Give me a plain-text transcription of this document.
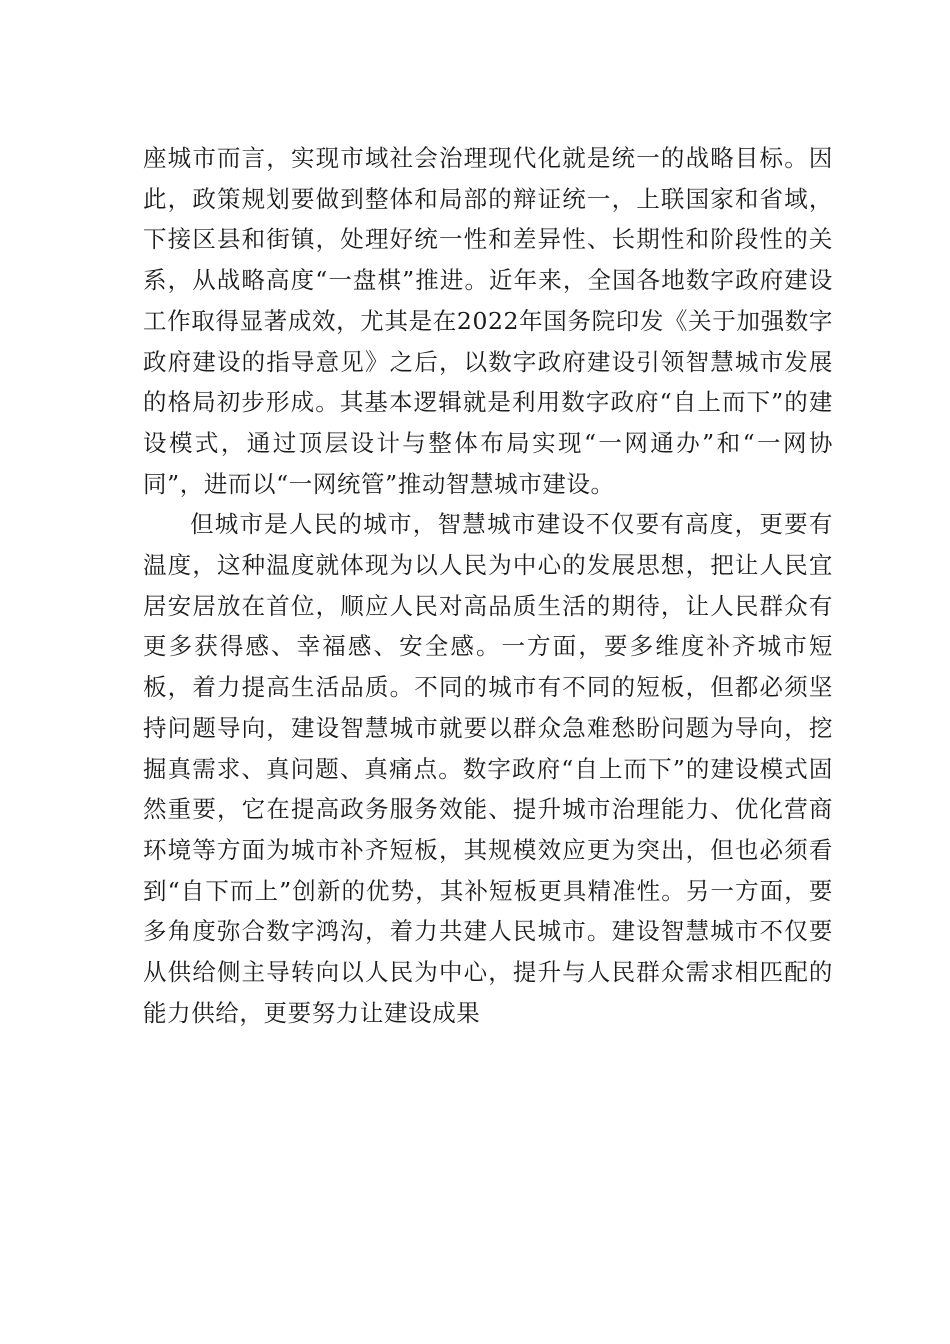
座城市而言，实现市域社会治理现代化就是统一的战略目标。因此，政策规划要做到整体和局部的辩证统一，上联国家和省域，下接区县和街镇，处理好统一性和差异性、长期性和阶段性的关系，从战略高度“一盘棋”推进。近年来，全国各地数字政府建设工作取得显著成效，尤其是在2022年国务院印发《关于加强数字政府建设的指导意见》之后，以数字政府建设引领智慧城市发展的格局初步形成。其基本逻辑就是利用数字政府“自上而下”的建设模式，通过顶层设计与整体布局实现“一网通办”和“一网协同”，进而以“一网统管”推动智慧城市建设。

但城市是人民的城市，智慧城市建设不仅要有高度，更要有温度，这种温度就体现为以人民为中心的发展思想，把让人民宜居安居放在首位，顺应人民对高品质生活的期待，让人民群众有更多获得感、幸福感、安全感。一方面，要多维度补齐城市短板，着力提高生活品质。不同的城市有不同的短板，但都必须坚持问题导向，建设智慧城市就要以群众急难愁盼问题为导向，挖掘真需求、真问题、真痛点。数字政府“自上而下”的建设模式固然重要，它在提高政务服务效能、提升城市治理能力、优化营商环境等方面为城市补齐短板，其规模效应更为突出，但也必须看到“自下而上”创新的优势，其补短板更具精准性。另一方面，要多角度弥合数字鸿沟，着力共建人民城市。建设智慧城市不仅要从供给侧主导转向以人民为中心，提升与人民群众需求相匹配的能力供给，更要努力让建设成果
